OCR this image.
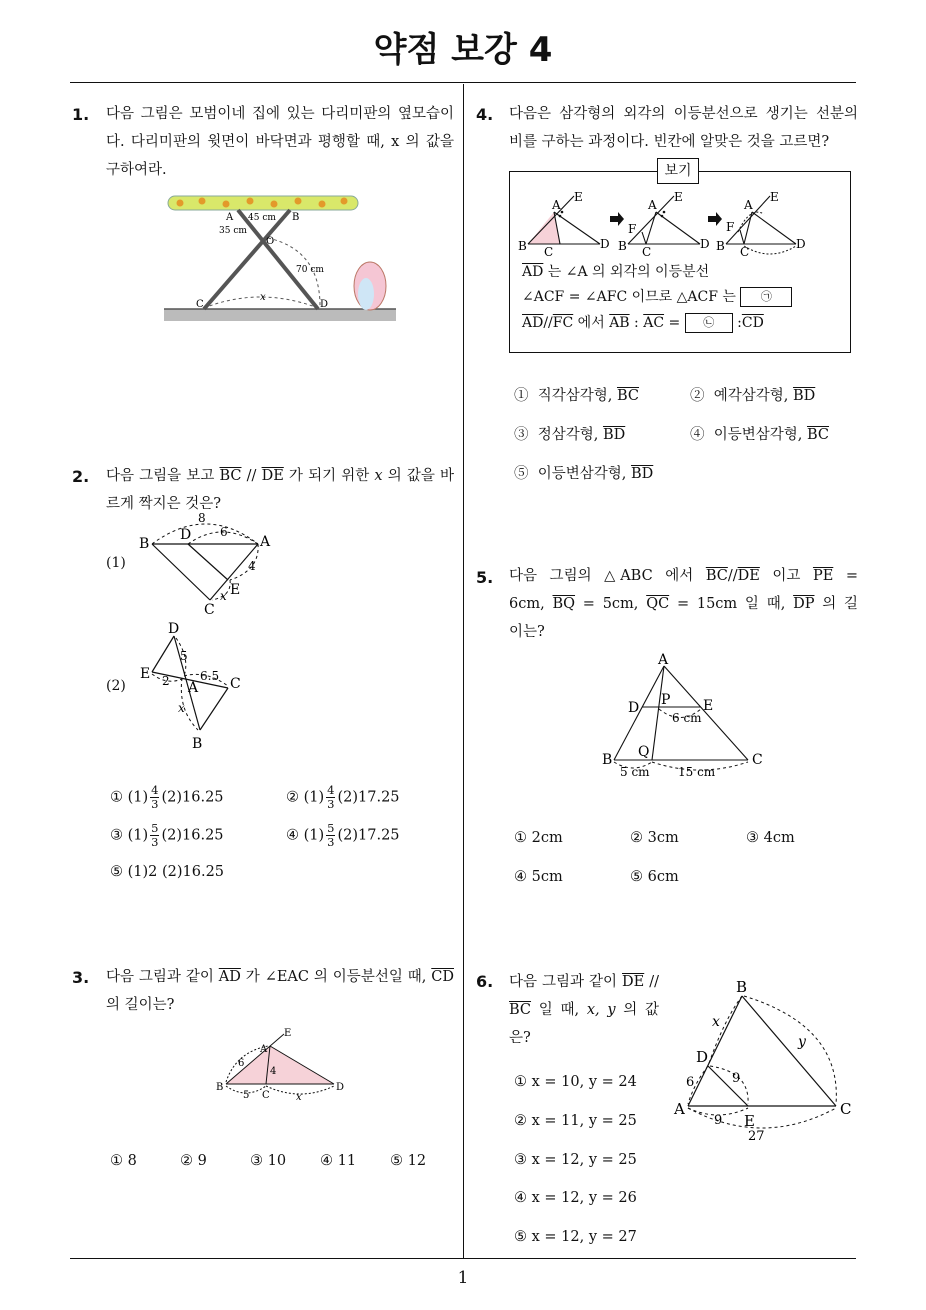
약점 보강 4
1. 다음 그림은 모범이네 집에 있는 다리미판의 옆모습이다. 다리미판의 윗면이 바닥면과 평행할 때, x 의 값을 구하여라.
A	B
O
C	D
45 cm
35 cm
70 cm
x
2. 다음 그림을 보고 $\overline{BC} // \overline{DE}$ 가 되기 위한 x 의 값을 바르게 짝지은 것은?
(1)
B
D	A
E
C
8
6
4
x
(2)
D
E
A C
B
5
2	6.5
x
① $(1) \frac{4}{3} (2)16.25$	② $(1) \frac{4}{3} (2)17.25$
③ $(1) \frac{5}{3} (2)16.25$	④ $(1) \frac{5}{3} (2)17.25$
⑤ (1)2 (2)16.25
3. 다음 그림과 같이 $\overline{AD}$ 가 ∠EAC 의 이등분선일 때, $\overline{CD}$ 의 길이는?
E
A
B
C
D
6
4
5	x
① 8	② 9	③ 10 ④ 11 ⑤ 12
4. 다음은 삼각형의 외각의 이등분선으로 생기는 선분의 비를 구하는 과정이다. 빈칸에 알맞은 것을 고르면?
보기
B
A
C
D
E
B
A
C
D
E
F
B
A
C
D
E
F
$\overline{AD}$ 는 ∠A 의 외각의 이등분선
∠ACF = ∠AFC 이므로 △ACF 는 ㉠
$\overline{AD}//\overline{FC}$ 에서 $\overline{AB}$ : $\overline{AC}$ = ㉡ $:\overline{CD}$
① 직각삼각형, $\overline{BC}$	② 예각삼각형, $\overline{BD}$
③ 정삼각형, $\overline{BD}$	④ 이등변삼각형, $\overline{BC}$
⑤ 이등변삼각형, $\overline{BD}$
5. 다음 그림의 △ABC 에서 $\overline{BC}//\overline{DE}$ 이고 $\overline{PE} = 6cm$, $\overline{BQ} = 5cm$, $\overline{QC} = 15cm$ 일 때, $\overline{DP}$ 의 길이는?
A
D P E
B Q	C
6 cm
5 cm 15 cm
① 2cm	② 3cm	③ 4cm
④ 5cm	⑤ 6cm
6. 다음 그림과 같이 $\overline{DE} // \overline{BC}$ 일 때, x, y 의 값은?
B
D
A
E
C
x
y
6	9
9
27
① x = 10, y = 24
② x = 11, y = 25
③ x = 12, y = 25
④ x = 12, y = 26
⑤ x = 12, y = 27
1
